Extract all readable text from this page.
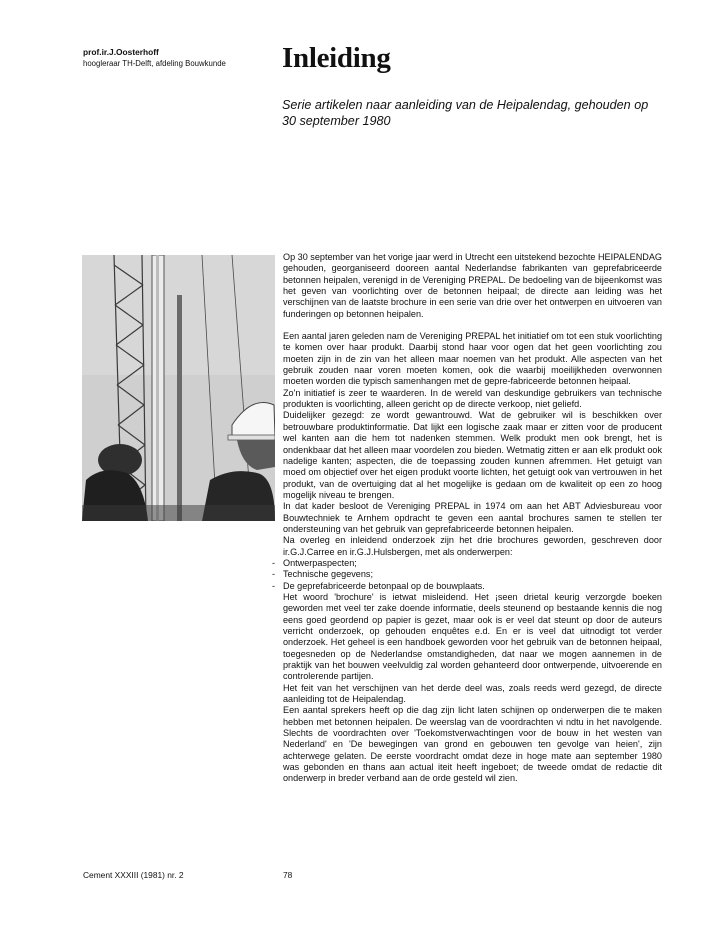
prof.ir.J.Oosterhoff
hoogleraar TH-Delft, afdeling Bouwkunde	Inleiding

Serie artikelen naar aanleiding van de Heipalendag, gehouden op 30 september 1980

Op 30 september van het vorige jaar werd in Utrecht een uitstekend bezochte HEIPALENDAG gehouden, georganiseerd dooreen aantal Nederlandse fabrikanten van geprefabriceerde betonnen heipalen, verenigd in de Vereniging PREPAL. De bedoeling van de bijeenkomst was het geven van voorlichting over de betonnen heipaal; de directe aan leiding was het verschijnen van de laatste brochure in een serie van drie over het ontwerpen en uitvoeren van funderingen op betonnen heipalen.

Een aantal jaren geleden nam de Vereniging PREPAL het initiatief om tot een stuk voorlichting te komen over haar produkt. Daarbij stond haar voor ogen dat het geen voorlichting zou moeten zijn in de zin van het alleen maar noemen van het produkt. Alle aspecten van het gebruik zouden naar voren moeten komen, ook die waarbij moeilijkheden overwonnen moeten worden die typisch samenhangen met de gepre-fabriceerde betonnen heipaal.

Zo'n initiatief is zeer te waarderen. In de wereld van deskundige gebruikers van technische produkten is voorlichting, alleen gericht op de directe verkoop, niet geliefd.

Duidelijker gezegd: ze wordt gewantrouwd. Wat de gebruiker wil is beschikken over betrouwbare produktinformatie. Dat lijkt een logische zaak maar er zitten voor de producent wel kanten aan die hem tot nadenken stemmen. Welk produkt men ook brengt, het is ondenkbaar dat het alleen maar voordelen zou bieden. Wetmatig zitten er aan elk produkt ook nadelige kanten; aspecten, die de toepassing zouden kunnen afremmen. Het getuigt van moed om objectief over het eigen produkt voorte lichten, het getuigt ook van vertrouwen in het produkt, van de overtuiging dat al het mogelijke is gedaan om de kwaliteit op een zo hoog mogelijk niveau te brengen.

In dat kader besloot de Vereniging PREPAL in 1974 om aan het ABT Adviesbureau voor Bouwtechniek te Arnhem opdracht te geven een aantal brochures samen te stellen ter ondersteuning van het gebruik van geprefabriceerde betonnen heipalen.

Na overleg en inleidend onderzoek zijn het drie brochures geworden, geschreven door ir.G.J.Carree en ir.G.J.Hulsbergen, met als onderwerpen:

- Ontwerpaspecten;
- Technische gegevens;
- De geprefabriceerde betonpaal op de bouwplaats.

Het woord 'brochure' is ietwat misleidend. Het ¡seen drietal keurig verzorgde boeken geworden met veel ter zake doende informatie, deels steunend op bestaande kennis die nog eens goed geordend op papier is gezet, maar ook is er veel dat steunt op door de auteurs verricht onderzoek, op gehouden enquêtes e.d. En er is veel dat uitnodigt tot verder onderzoek. Het geheel is een handboek geworden voor het gebruik van de betonnen heipaal, toegesneden op de Nederlandse omstandigheden, dat naar we mogen aannemen in de praktijk van het bouwen veelvuldig zal worden gehanteerd door ontwerpende, uitvoerende en controlerende partijen.

Het feit van het verschijnen van het derde deel was, zoals reeds werd gezegd, de directe aanleiding tot de Heipalendag.

Een aantal sprekers heeft op die dag zijn licht laten schijnen op onderwerpen die te maken hebben met betonnen heipalen. De weerslag van de voordrachten vi ndtu in het navolgende. Slechts de voordrachten over 'Toekomstverwachtingen voor de bouw in het westen van Nederland' en 'De bewegingen van grond en gebouwen ten gevolge van heien', zijn achterwege gelaten. De eerste voordracht omdat deze in hoge mate aan september 1980 was gebonden en thans aan actual iteit heeft ingeboet; de tweede omdat de redactie dit onderwerp in breder verband aan de orde gesteld wil zien.

Cement XXXIII (1981) nr. 2	78
